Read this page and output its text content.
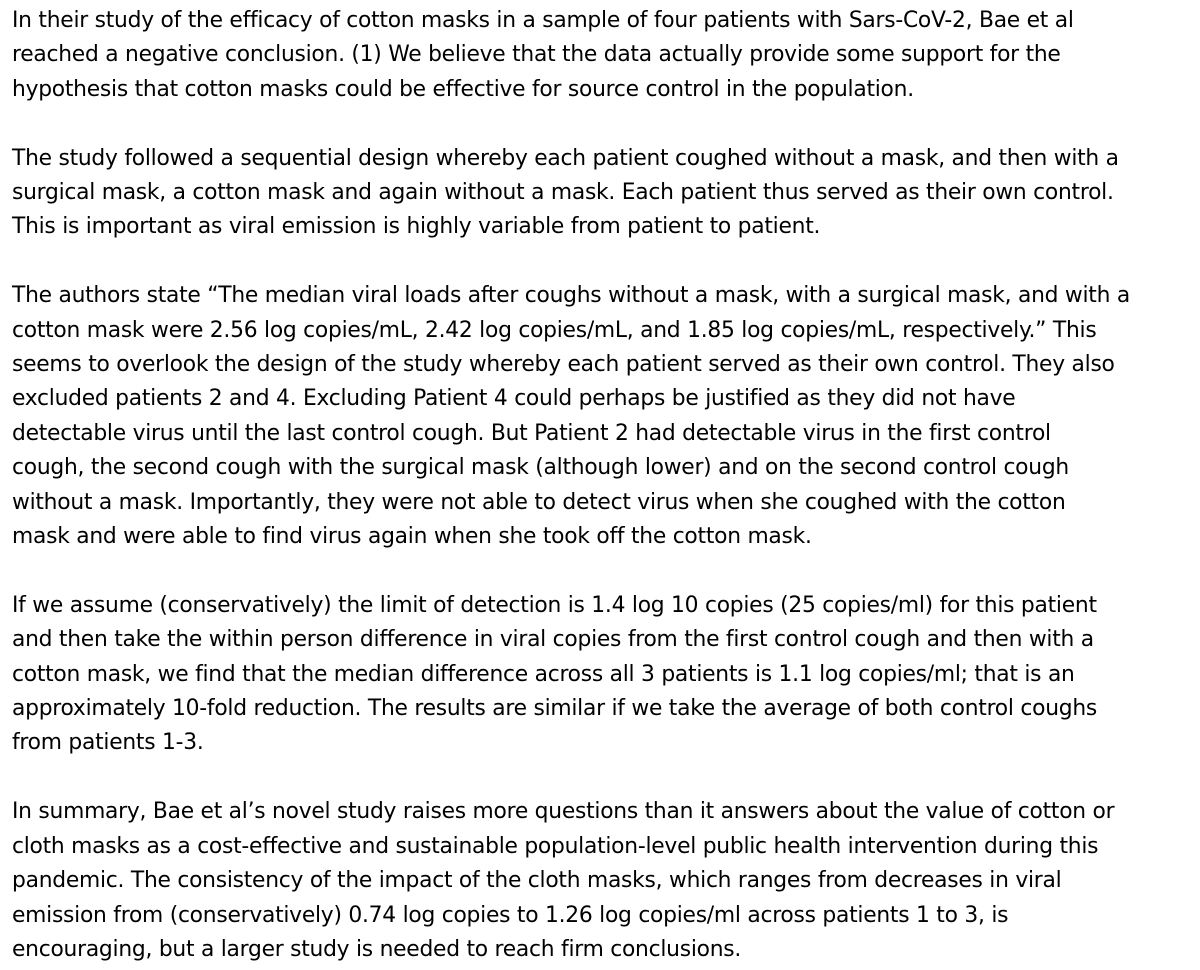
In their study of the efficacy of cotton masks in a sample of four patients with Sars-CoV-2, Bae et al
reached a negative conclusion. (1) We believe that the data actually provide some support for the
hypothesis that cotton masks could be effective for source control in the population.

The study followed a sequential design whereby each patient coughed without a mask, and then with a
surgical mask, a cotton mask and again without a mask. Each patient thus served as their own control.
This is important as viral emission is highly variable from patient to patient.

The authors state “The median viral loads after coughs without a mask, with a surgical mask, and with a
cotton mask were 2.56 log copies/mL, 2.42 log copies/mL, and 1.85 log copies/mL, respectively.” This
seems to overlook the design of the study whereby each patient served as their own control. They also
excluded patients 2 and 4. Excluding Patient 4 could perhaps be justified as they did not have
detectable virus until the last control cough. But Patient 2 had detectable virus in the first control
cough, the second cough with the surgical mask (although lower) and on the second control cough
without a mask. Importantly, they were not able to detect virus when she coughed with the cotton
mask and were able to find virus again when she took off the cotton mask.

If we assume (conservatively) the limit of detection is 1.4 log 10 copies (25 copies/ml) for this patient
and then take the within person difference in viral copies from the first control cough and then with a
cotton mask, we find that the median difference across all 3 patients is 1.1 log copies/ml; that is an
approximately 10-fold reduction. The results are similar if we take the average of both control coughs
from patients 1-3.

In summary, Bae et al’s novel study raises more questions than it answers about the value of cotton or
cloth masks as a cost-effective and sustainable population-level public health intervention during this
pandemic. The consistency of the impact of the cloth masks, which ranges from decreases in viral
emission from (conservatively) 0.74 log copies to 1.26 log copies/ml across patients 1 to 3, is
encouraging, but a larger study is needed to reach firm conclusions.
